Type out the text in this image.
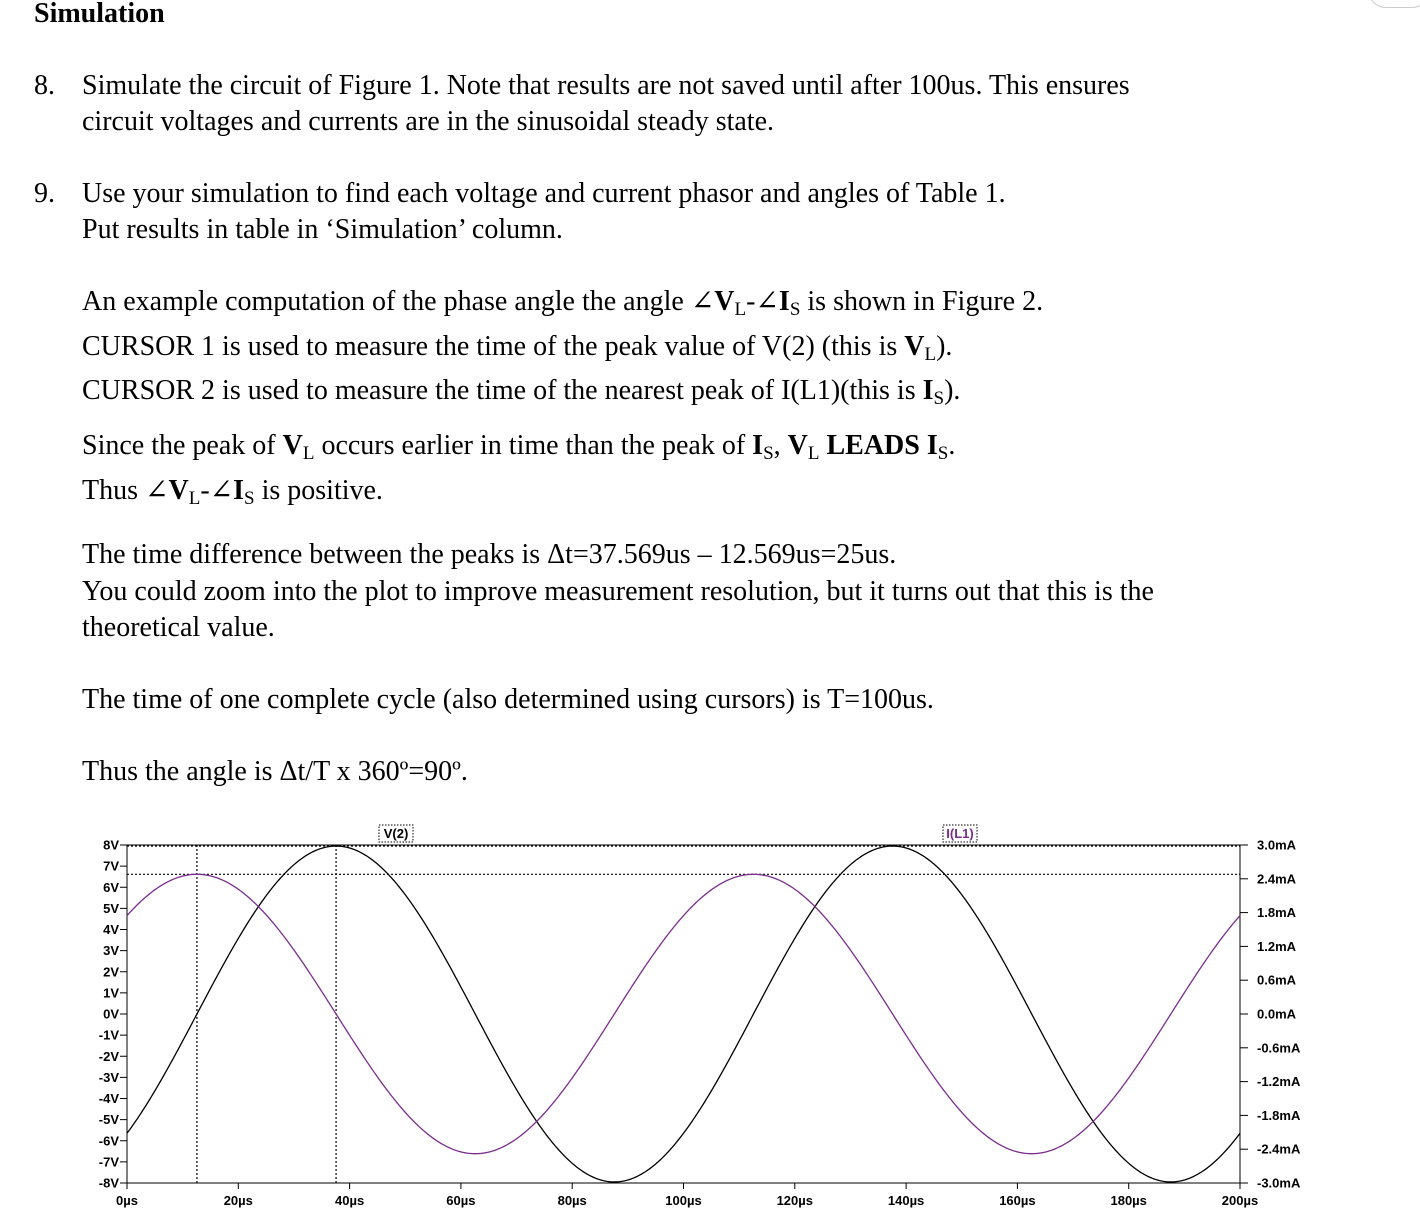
Simulation
8. Simulate the circuit of Figure 1. Note that results are not saved until after 100us. This ensures
circuit voltages and currents are in the sinusoidal steady state.
9. Use your simulation to find each voltage and current phasor and angles of Table 1.
Put results in table in ‘Simulation’ column.
An example computation of the phase angle the angle $\angle V_L-\angle I_S$ is shown in Figure 2.
CURSOR 1 is used to measure the time of the peak value of V(2) (this is $V_L$).
CURSOR 2 is used to measure the time of the nearest peak of I(L1)(this is $I_S$).
Since the peak of $V_L$ occurs earlier in time than the peak of $I_S$, $V_L$ LEADS $I_S$.
Thus $\angle V_L-\angle I_S$ is positive.
The time difference between the peaks is Δt=37.569us – 12.569us=25us.
You could zoom into the plot to improve measurement resolution, but it turns out that this is the
theoretical value.
The time of one complete cycle (also determined using cursors) is T=100us.
Thus the angle is Δt/T x 360º=90º.
8V
7V
6V
5V
4V
3V
2V
1V
0V
-1V
-2V
-3V
-4V
-5V
-6V
-7V
-8V
3.0mA
2.4mA
1.8mA
1.2mA
0.6mA
0.0mA
-0.6mA
-1.2mA
-1.8mA
-2.4mA
-3.0mA
0µs	20µs	40µs	60µs	80µs	100µs	120µs	140µs	160µs	180µs	200µs
V(2)	I(L1)
